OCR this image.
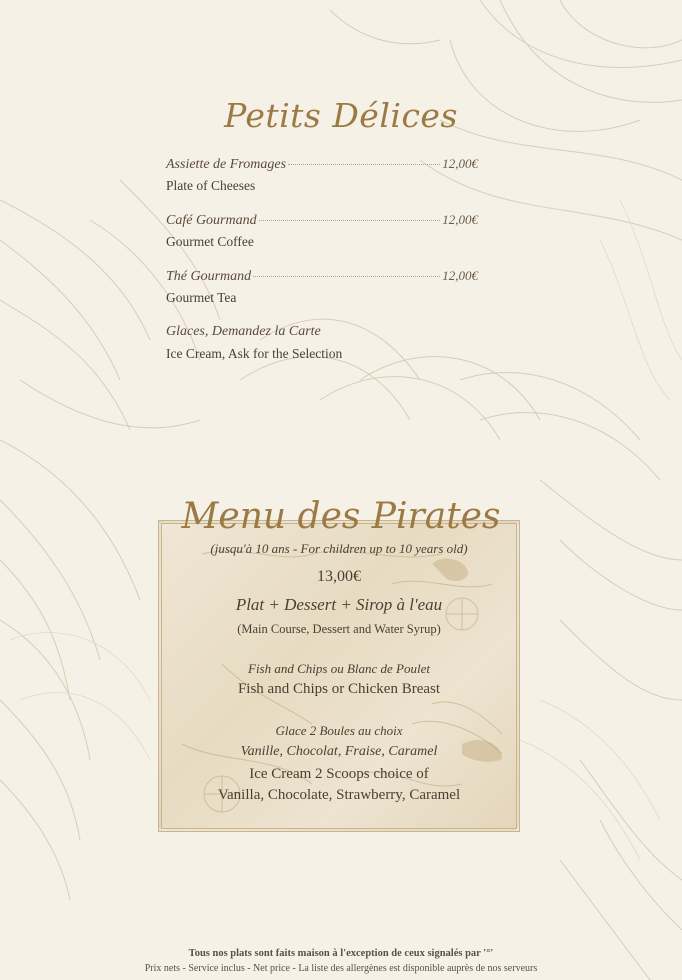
Petits Délices
Assiette de Fromages	12,00€
Plate of Cheeses
Café Gourmand	12,00€
Gourmet Coffee
Thé Gourmand	12,00€
Gourmet Tea
Glaces, Demandez la Carte
Ice Cream, Ask for the Selection
Menu des Pirates
(jusqu'à 10 ans - For children up to 10 years old)
13,00€
Plat + Dessert + Sirop à l'eau
(Main Course, Dessert and Water Syrup)
Fish and Chips ou Blanc de Poulet
Fish and Chips or Chicken Breast
Glace 2 Boules au choix
Vanille, Chocolat, Fraise, Caramel
Ice Cream 2 Scoops choice of
Vanilla, Chocolate, Strawberry, Caramel
Tous nos plats sont faits maison à l'exception de ceux signalés par '°'
Prix nets - Service inclus - Net price - La liste des allergènes est disponible auprès de nos serveurs
